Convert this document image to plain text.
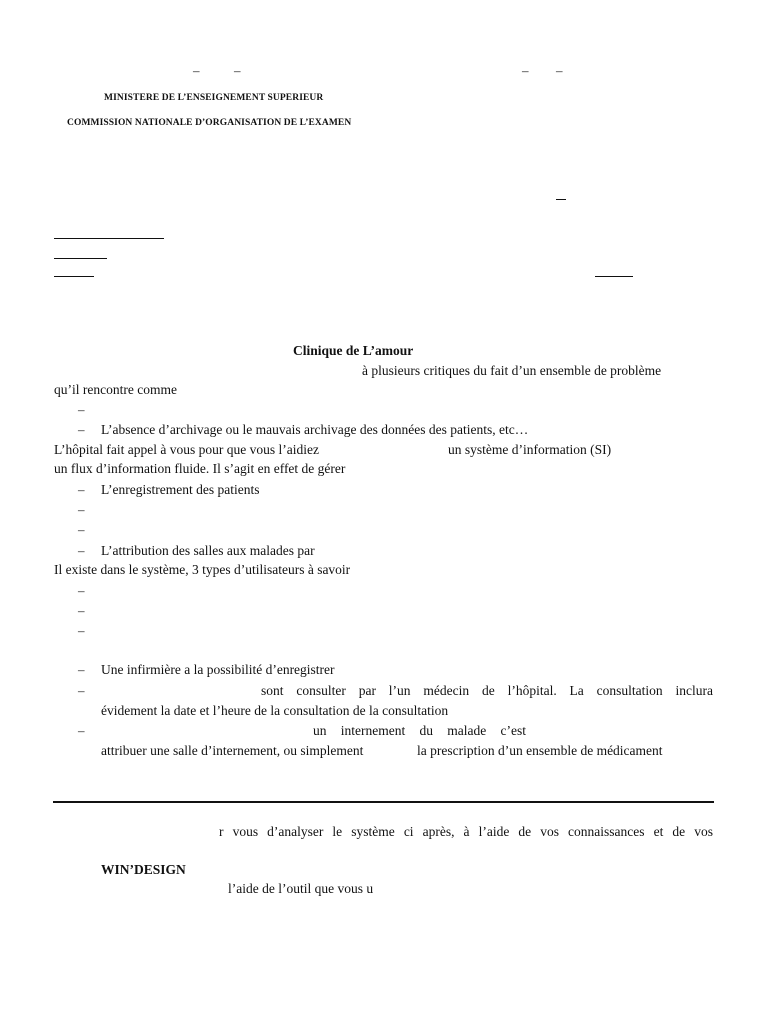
–	–	– –
MINISTERE DE L’ENSEIGNEMENT SUPERIEUR
COMMISSION NATIONALE D’ORGANISATION DE L’EXAMEN
Clinique de L’amour
à plusieurs critiques du fait d’un ensemble de problème
qu’il rencontre comme
–
– L’absence d’archivage ou le mauvais archivage des données des patients, etc…
L’hôpital fait appel à vous pour que vous l’aidiez	un système d’information (SI)
un flux d’information fluide. Il s’agit en effet de gérer
– L’enregistrement des patients
–
–
– L’attribution des salles aux malades par
Il existe dans le système, 3 types d’utilisateurs à savoir
–
–
–
– Une infirmière a la possibilité d’enregistrer
–	sont consulter par l’un médecin de l’hôpital. La consultation inclura
évidement la date et l’heure de la consultation de la consultation
–	un internement du malade c’est
attribuer une salle d’internement, ou simplement	la prescription d’un ensemble de médicament
r vous d’analyser le système ci après, à l’aide de vos connaissances et de vos
WIN’DESIGN
l’aide de l’outil que vous u
